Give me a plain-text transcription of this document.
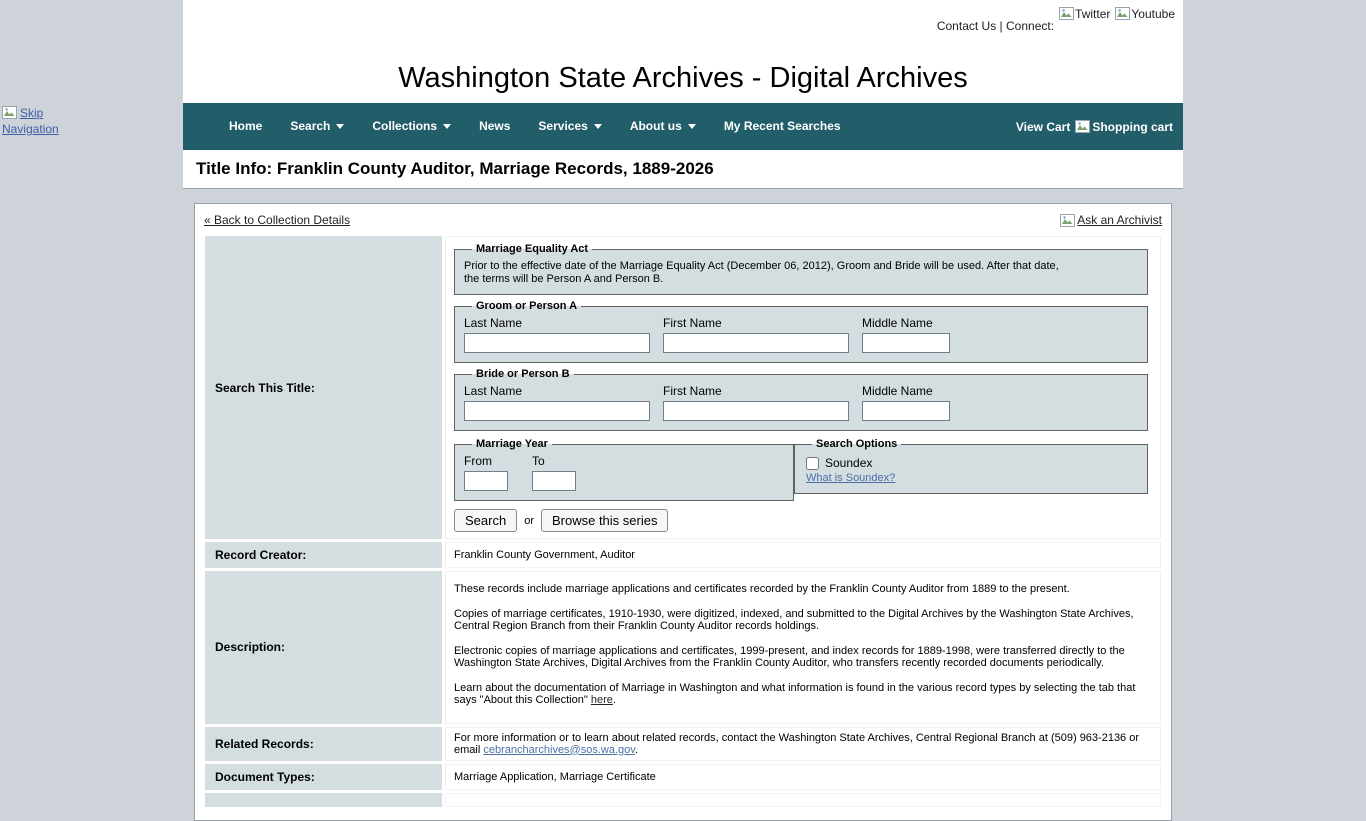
Skip Navigation
Contact Us | Connect:
Twitter Youtube
Washington State Archives - Digital Archives
Home	Search	Collections	News	Services	About us	My Recent Searches	View Cart Shopping cart
Title Info: Franklin County Auditor, Marriage Records, 1889-2026
« Back to Collection Details	Ask an Archivist
Search This Title:	
Marriage Equality Act
Prior to the effective date of the Marriage Equality Act (December 06, 2012), Groom and Bride will be used. After that date,
the terms will be Person A and Person B.
Groom or Person A
Last Name	First Name	Middle Name
Bride or Person B
Last Name	First Name	Middle Name
Marriage Year
From	To
Search Options
Soundex
What is Soundex?
Search	or	Browse this series

Record Creator:	Franklin County Government, Auditor
Description:	These records include marriage applications and certificates recorded by the Franklin County Auditor from 1889 to the present.

Copies of marriage certificates, 1910-1930, were digitized, indexed, and submitted to the Digital Archives by the Washington State Archives, Central Region Branch from their Franklin County Auditor records holdings.

Electronic copies of marriage applications and certificates, 1999-present, and index records for 1889-1998, were transferred directly to the Washington State Archives, Digital Archives from the Franklin County Auditor, who transfers recently recorded documents periodically.

Learn about the documentation of Marriage in Washington and what information is found in the various record types by selecting the tab that says "About this Collection" here.

Related Records:	For more information or to learn about related records, contact the Washington State Archives, Central Regional Branch at (509) 963-2136 or email cebrancharchives@sos.wa.gov.
Document Types:	Marriage Application, Marriage Certificate
